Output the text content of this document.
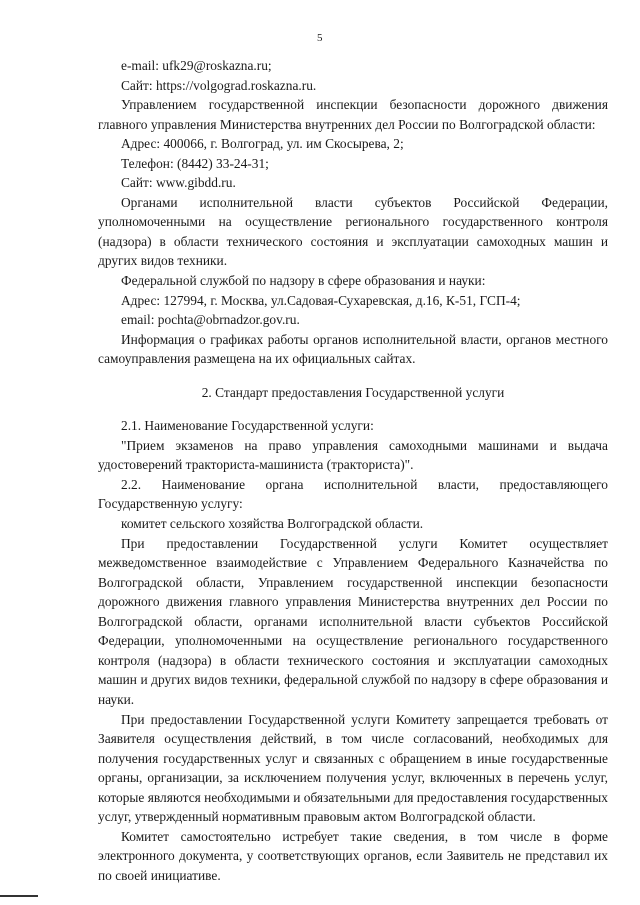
5

e-mail: ufk29@roskazna.ru;

Сайт: https://volgograd.roskazna.ru.

Управлением государственной инспекции безопасности дорожного движения главного управления Министерства внутренних дел России по Волгоградской области:

Адрес: 400066, г. Волгоград, ул. им Скосырева, 2;

Телефон: (8442) 33-24-31;

Сайт: www.gibdd.ru.

Органами исполнительной власти субъектов Российской Федерации, уполномоченными на осуществление регионального государственного контроля (надзора) в области технического состояния и эксплуатации самоходных машин и других видов техники.

Федеральной службой по надзору в сфере образования и науки:

Адрес: 127994, г. Москва, ул.Садовая-Сухаревская, д.16, К-51, ГСП-4;

email: pochta@obrnadzor.gov.ru.

Информация о графиках работы органов исполнительной власти, органов местного самоуправления размещена на их официальных сайтах.

2. Стандарт предоставления Государственной услуги

2.1. Наименование Государственной услуги:

"Прием экзаменов на право управления самоходными машинами и выдача удостоверений тракториста-машиниста (тракториста)".

2.2. Наименование органа исполнительной власти, предоставляющего Государственную услугу:

комитет сельского хозяйства Волгоградской области.

При предоставлении Государственной услуги Комитет осуществляет межведомственное взаимодействие с Управлением Федерального Казначейства по Волгоградской области, Управлением государственной инспекции безопасности дорожного движения главного управления Министерства внутренних дел России по Волгоградской области, органами исполнительной власти субъектов Российской Федерации, уполномоченными на осуществление регионального государственного контроля (надзора) в области технического состояния и эксплуатации самоходных машин и других видов техники, федеральной службой по надзору в сфере образования и науки.

При предоставлении Государственной услуги Комитету запрещается требовать от Заявителя осуществления действий, в том числе согласований, необходимых для получения государственных услуг и связанных с обращением в иные государственные органы, организации, за исключением получения услуг, включенных в перечень услуг, которые являются необходимыми и обязательными для предоставления государственных услуг, утвержденный нормативным правовым актом Волгоградской области.

Комитет самостоятельно истребует такие сведения, в том числе в форме электронного документа, у соответствующих органов, если Заявитель не представил их по своей инициативе.
